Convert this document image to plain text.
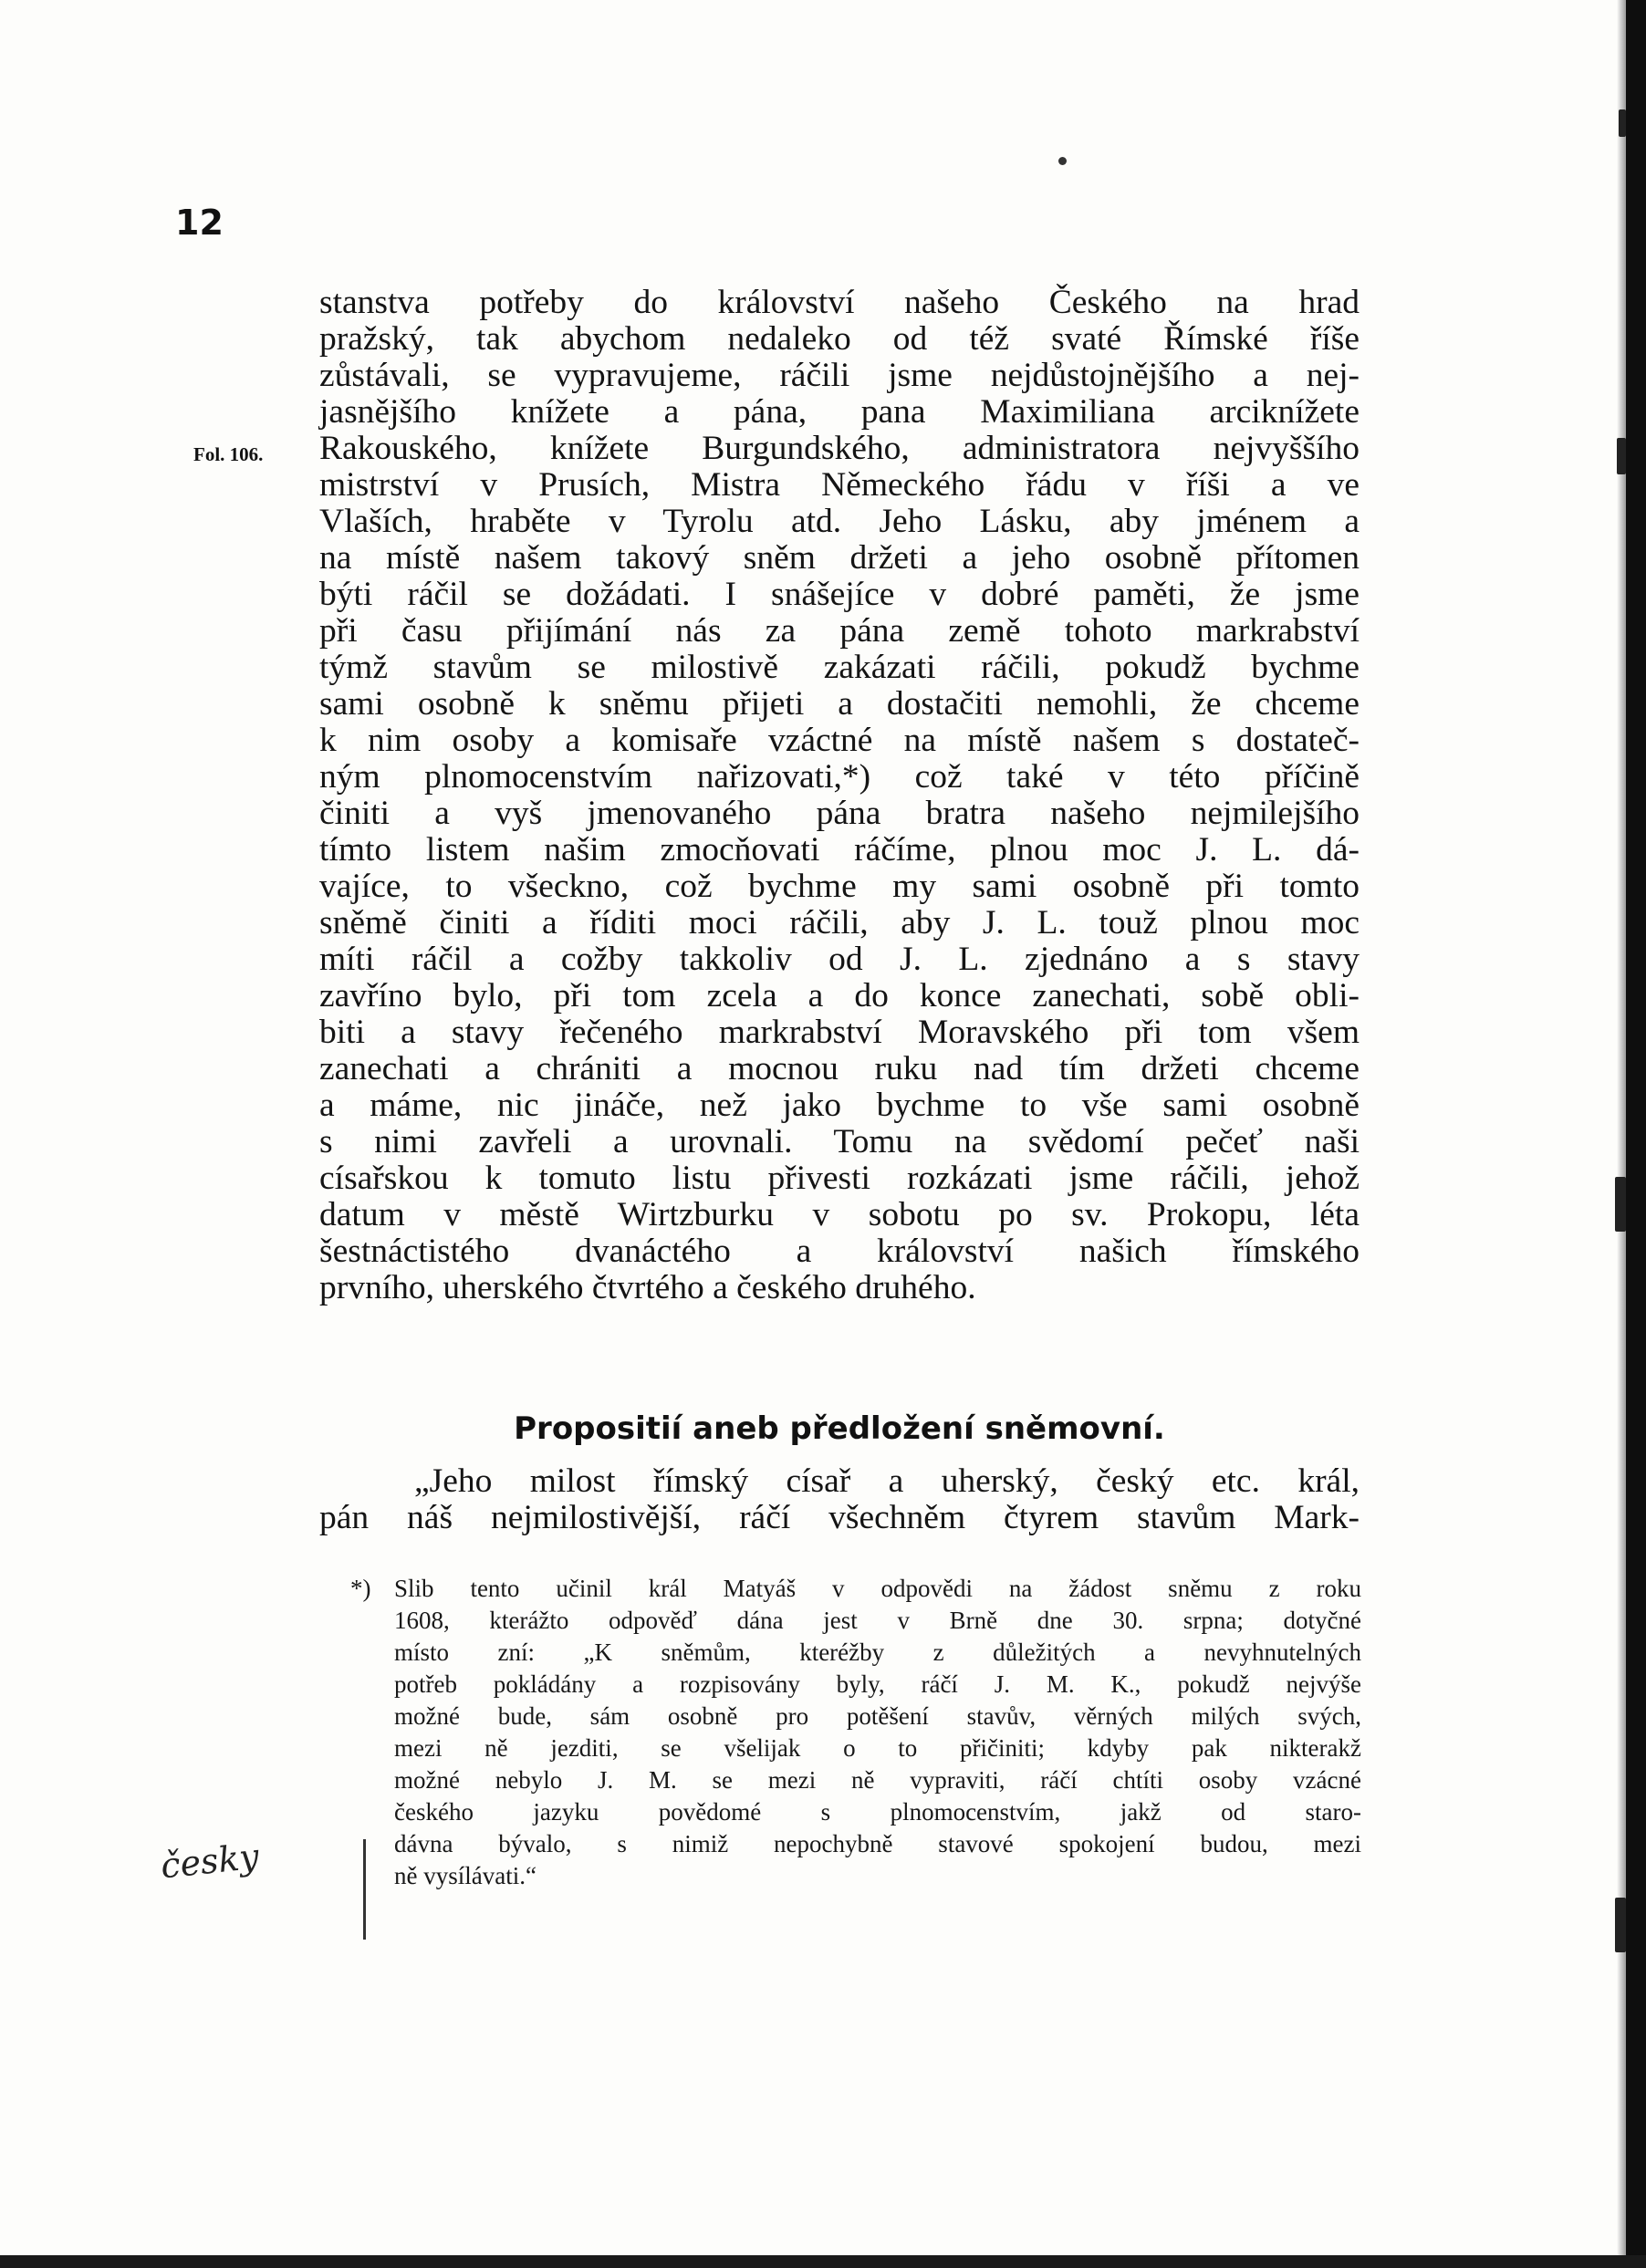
12
Fol. 106.
stanstva potřeby do království našeho Českého na hrad
pražský, tak abychom nedaleko od též svaté Římské říše
zůstávali, se vypravujeme, ráčili jsme nejdůstojnějšího a nej-
jasnějšího knížete a pána, pana Maximiliana arciknížete
Rakouského, knížete Burgundského, administratora nejvyššího
mistrství v Prusích, Mistra Německého řádu v říši a ve
Vlaších, hraběte v Tyrolu atd. Jeho Lásku, aby jménem a
na místě našem takový sněm držeti a jeho osobně přítomen
býti ráčil se dožádati. I snášejíce v dobré paměti, že jsme
při času přijímání nás za pána země tohoto markrabství
týmž stavům se milostivě zakázati ráčili, pokudž bychme
sami osobně k sněmu přijeti a dostačiti nemohli, že chceme
k nim osoby a komisaře vzáctné na místě našem s dostateč-
ným plnomocenstvím nařizovati,*) což také v této příčině
činiti a vyš jmenovaného pána bratra našeho nejmilejšího
tímto listem našim zmocňovati ráčíme, plnou moc J. L. dá-
vajíce, to všeckno, což bychme my sami osobně při tomto
sněmě činiti a říditi moci ráčili, aby J. L. touž plnou moc
míti ráčil a cožby takkoliv od J. L. zjednáno a s stavy
zavříno bylo, při tom zcela a do konce zanechati, sobě obli-
biti a stavy řečeného markrabství Moravského při tom všem
zanechati a chrániti a mocnou ruku nad tím držeti chceme
a máme, nic jináče, než jako bychme to vše sami osobně
s nimi zavřeli a urovnali. Tomu na svědomí pečeť naši
císařskou k tomuto listu přivesti rozkázati jsme ráčili, jehož
datum v městě Wirtzburku v sobotu po sv. Prokopu, léta
šestnáctistého dvanáctého a království našich římského
prvního, uherského čtvrtého a českého druhého.
Propositií aneb předložení sněmovní.
„Jeho milost římský císař a uherský, český etc. král,
pán náš nejmilostivější, ráčí všechněm čtyrem stavům Mark-
*) Slib tento učinil král Matyáš v odpovědi na žádost sněmu z roku
1608, kterážto odpověď dána jest v Brně dne 30. srpna; dotyčné
místo zní: „K sněmům, kteréžby z důležitých a nevyhnutelných
potřeb pokládány a rozpisovány byly, ráčí J. M. K., pokudž nejvýše
možné bude, sám osobně pro potěšení stavův, věrných milých svých,
mezi ně jezditi, se všelijak o to přičiniti; kdyby pak nikterakž
možné nebylo J. M. se mezi ně vypraviti, ráčí chtíti osoby vzácné
českého jazyku povědomé s plnomocenstvím, jakž od staro-
dávna bývalo, s nimiž nepochybně stavové spokojení budou, mezi
ně vysílávati.“
česky
